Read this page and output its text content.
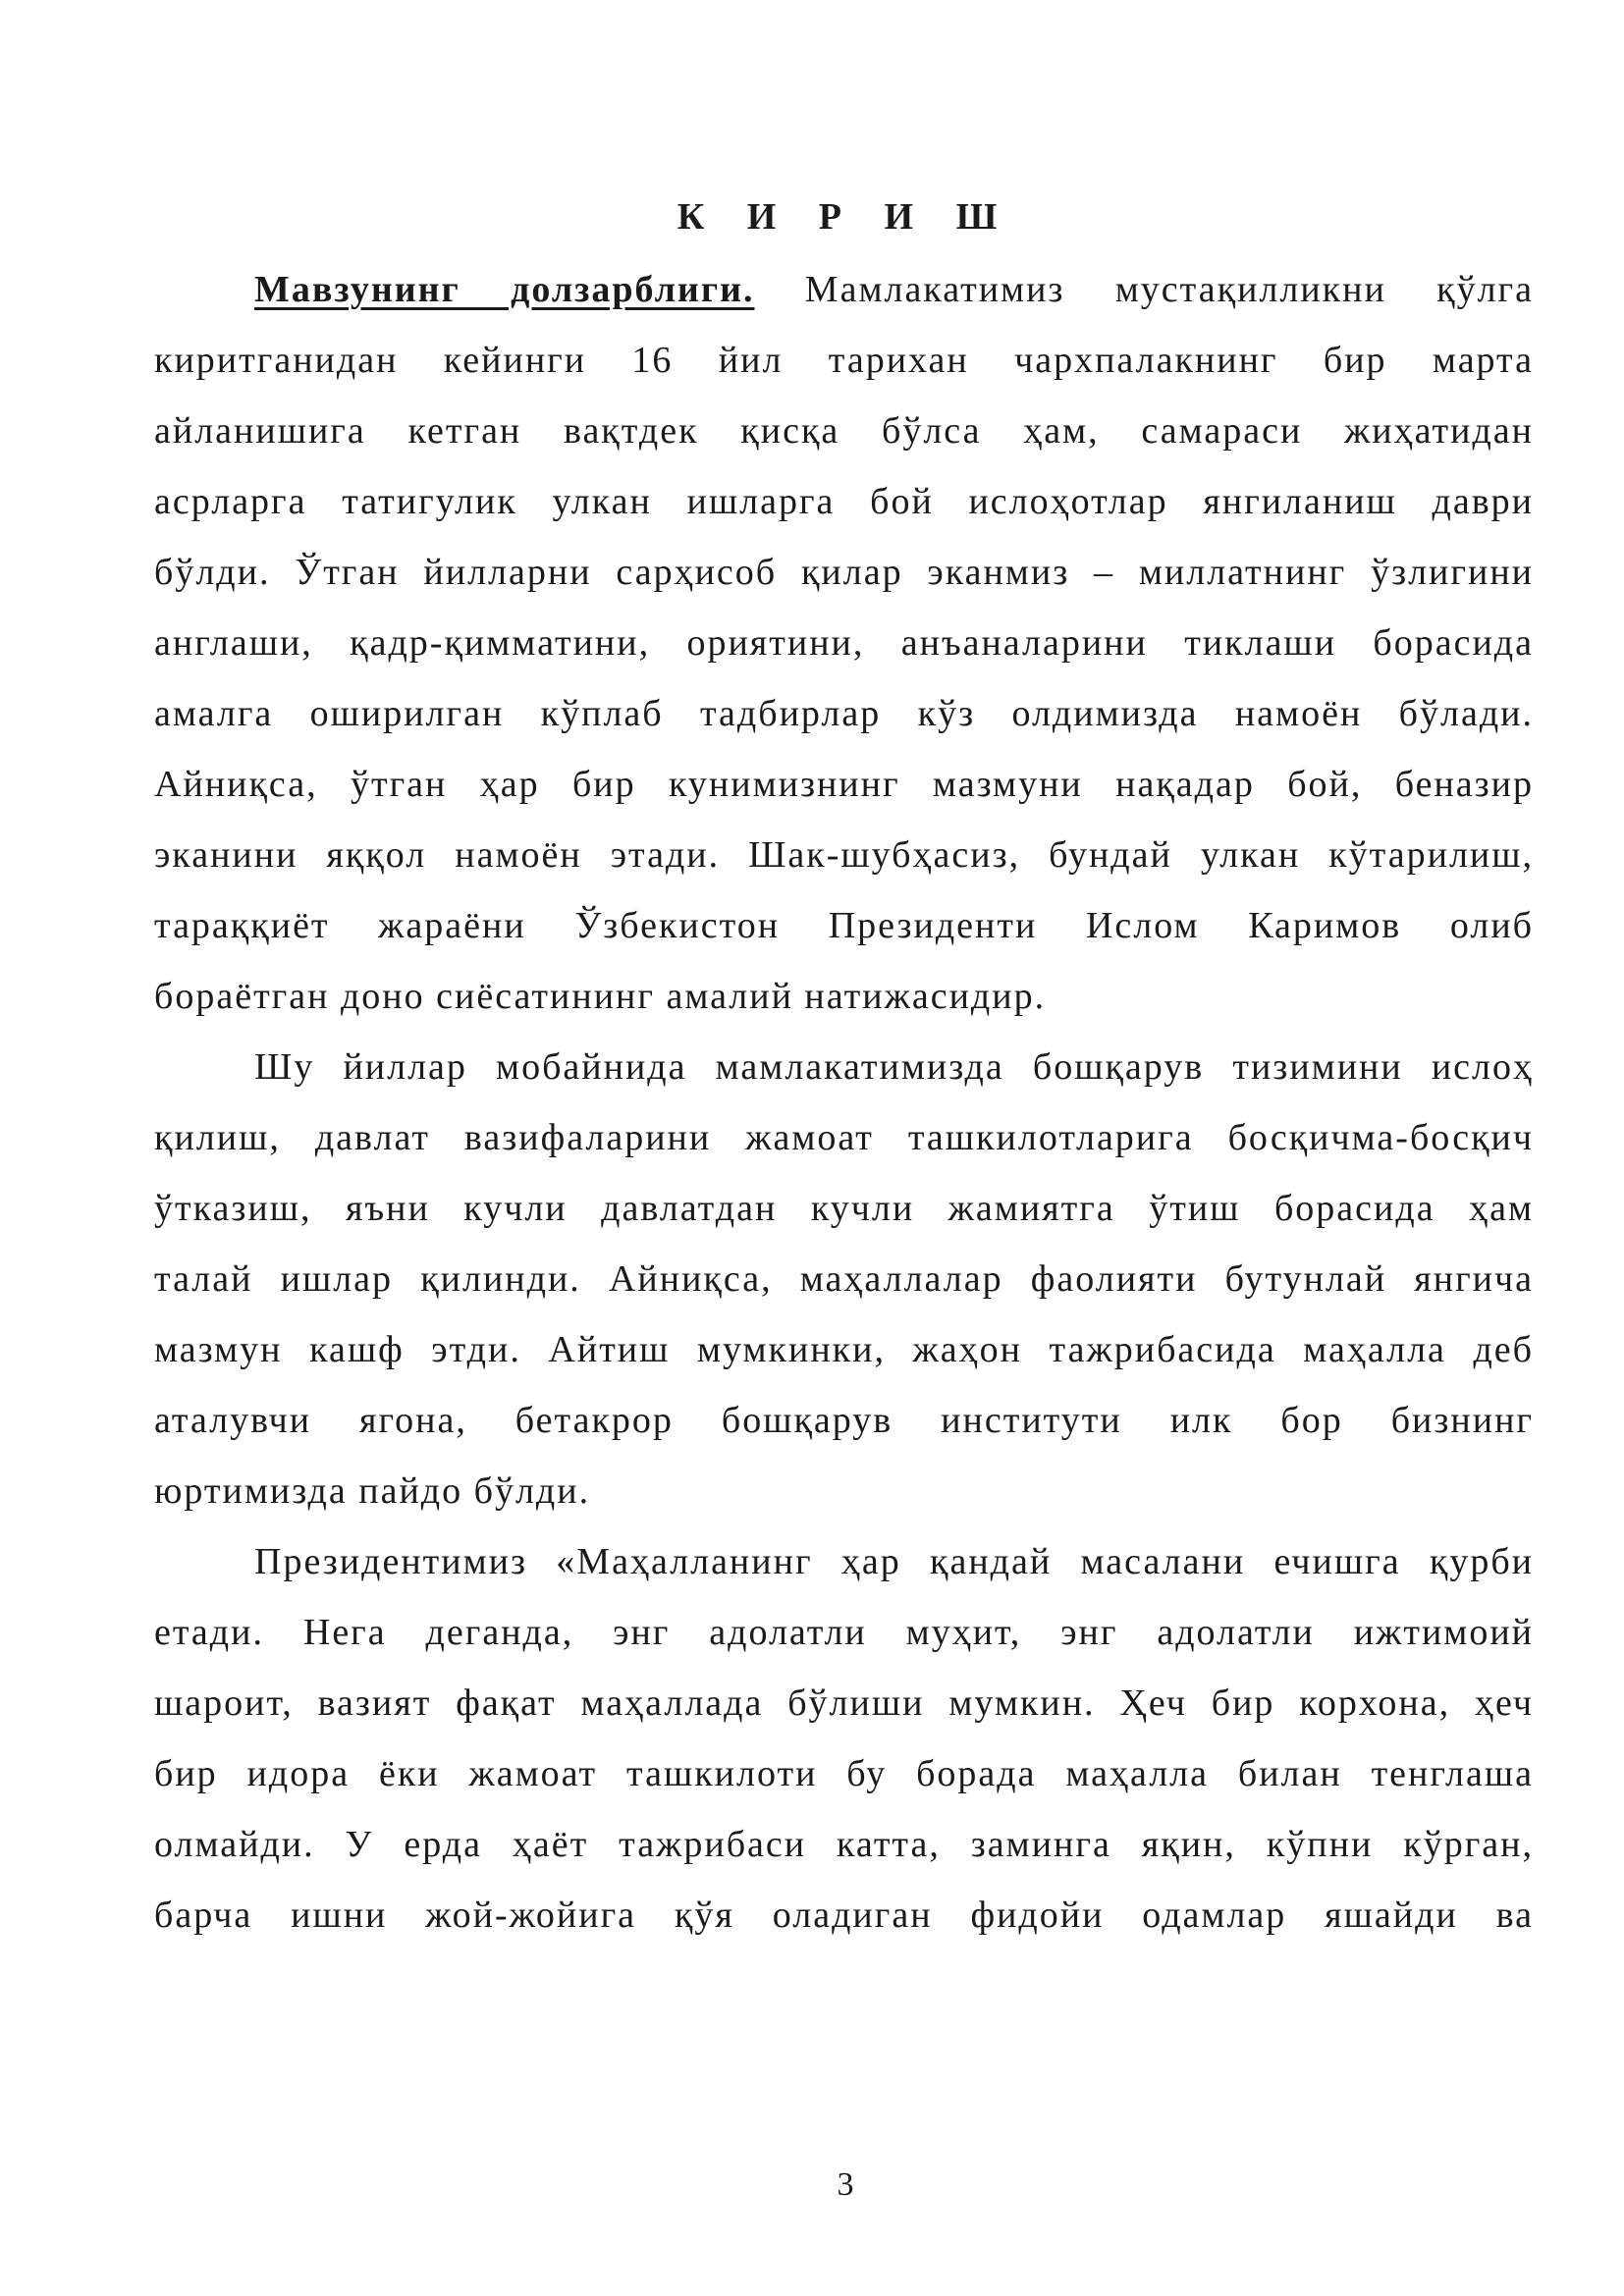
К И Р И Ш
Мавзунинг долзарблиги. Мамлакатимиз мустақилликни қўлга
киритганидан кейинги 16 йил тарихан чархпалакнинг бир марта
айланишига кетган вақтдек қисқа бўлса ҳам, самараси жиҳатидан
асрларга татигулик улкан ишларга бой ислоҳотлар янгиланиш даври
бўлди. Ўтган йилларни сарҳисоб қилар эканмиз – миллатнинг ўзлигини
англаши, қадр-қимматини, ориятини, анъаналарини тиклаши борасида
амалга оширилган кўплаб тадбирлар кўз олдимизда намоён бўлади.
Айниқса, ўтган ҳар бир кунимизнинг мазмуни нақадар бой, беназир
эканини яққол намоён этади. Шак-шубҳасиз, бундай улкан кўтарилиш,
тараққиёт жараёни Ўзбекистон Президенти Ислом Каримов олиб
бораётган доно сиёсатининг амалий натижасидир.
Шу йиллар мобайнида мамлакатимизда бошқарув тизимини ислоҳ
қилиш, давлат вазифаларини жамоат ташкилотларига босқичма-босқич
ўтказиш, яъни кучли давлатдан кучли жамиятга ўтиш борасида ҳам
талай ишлар қилинди. Айниқса, маҳаллалар фаолияти бутунлай янгича
мазмун кашф этди. Айтиш мумкинки, жаҳон тажрибасида маҳалла деб
аталувчи ягона, бетакрор бошқарув институти илк бор бизнинг
юртимизда пайдо бўлди.
Президентимиз «Маҳалланинг ҳар қандай масалани ечишга қурби
етади. Нега деганда, энг адолатли муҳит, энг адолатли ижтимоий
шароит, вазият фақат маҳаллада бўлиши мумкин. Ҳеч бир корхона, ҳеч
бир идора ёки жамоат ташкилоти бу борада маҳалла билан тенглаша
олмайди. У ерда ҳаёт тажрибаси катта, заминга яқин, кўпни кўрган,
барча ишни жой-жойига қўя оладиган фидойи одамлар яшайди ва
3
